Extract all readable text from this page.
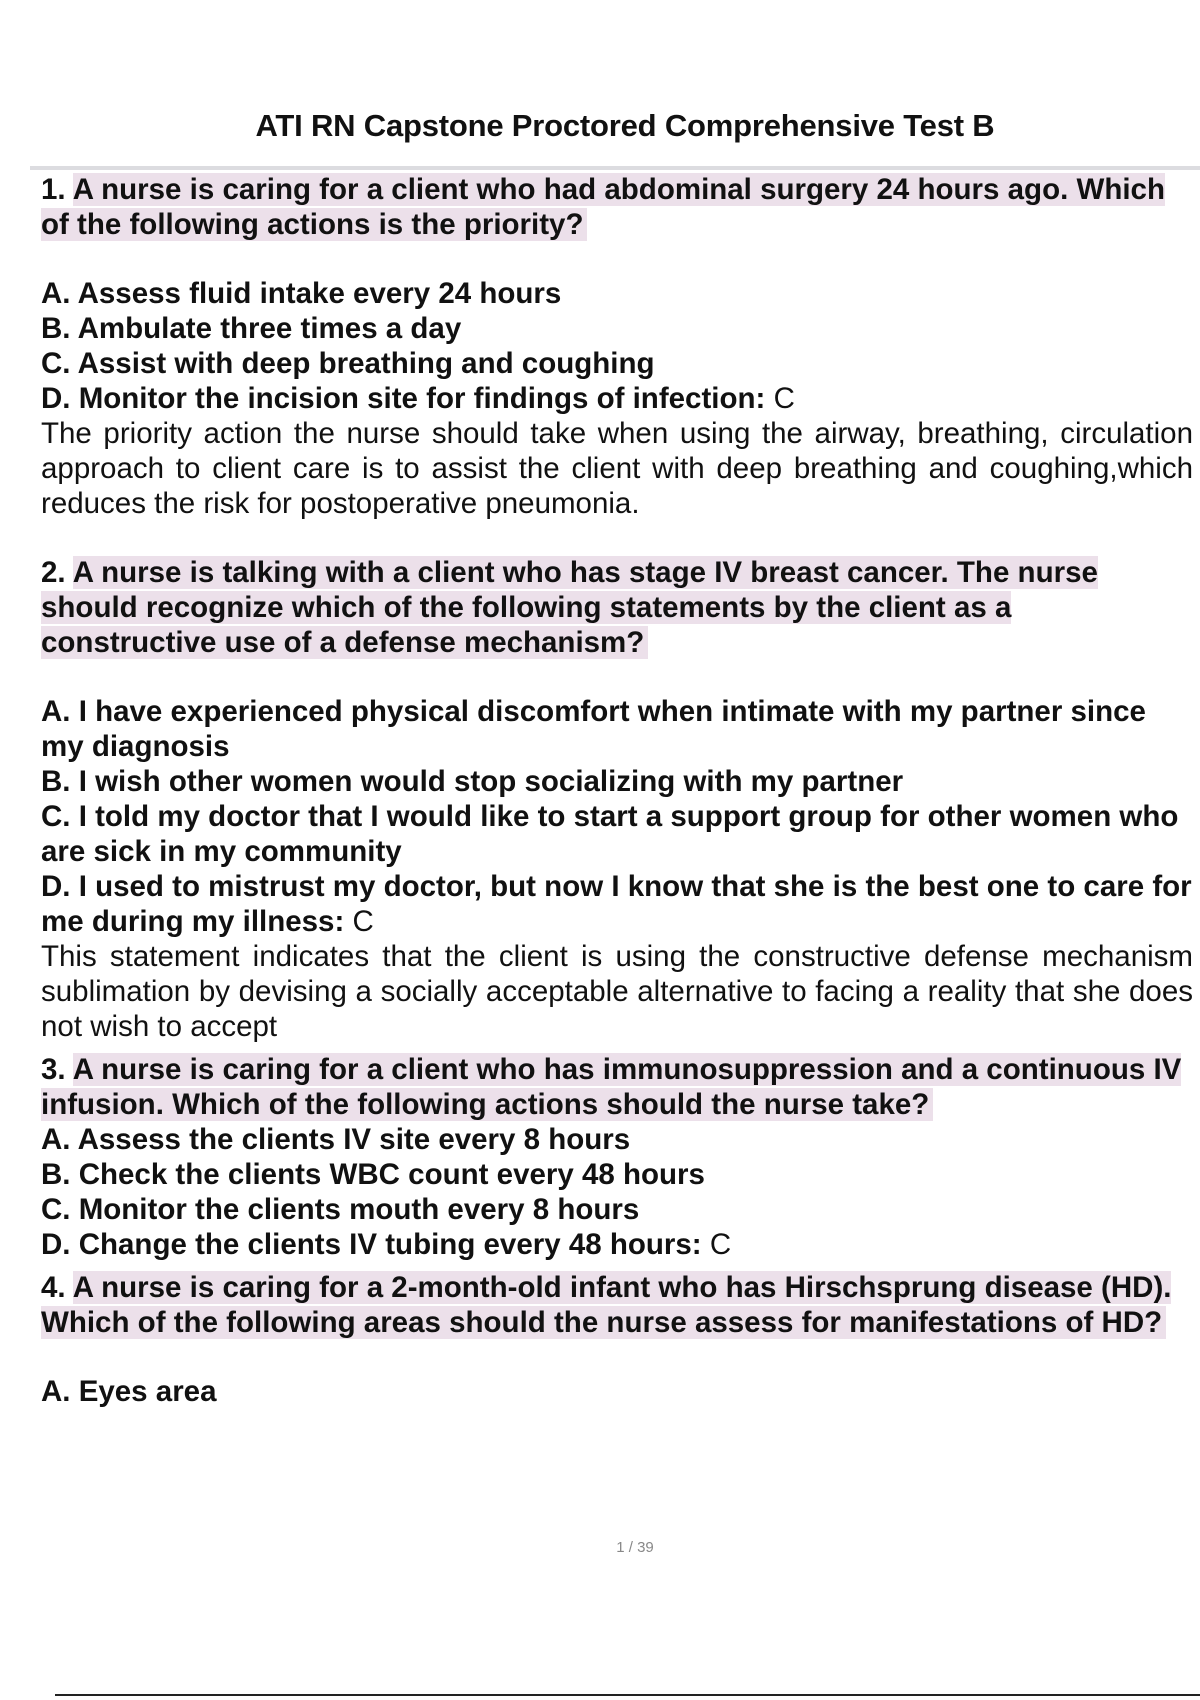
ATI RN Capstone Proctored Comprehensive Test B
1. A nurse is caring for a client who had abdominal surgery 24 hours ago. Which of the following actions is the priority?
A. Assess fluid intake every 24 hours
B. Ambulate three times a day
C. Assist with deep breathing and coughing
D. Monitor the incision site for findings of infection: C
The priority action the nurse should take when using the airway, breathing, circulation approach to client care is to assist the client with deep breathing and coughing,which reduces the risk for postoperative pneumonia.
2. A nurse is talking with a client who has stage IV breast cancer. The nurse should recognize which of the following statements by the client as a constructive use of a defense mechanism?
A. I have experienced physical discomfort when intimate with my partner since my diagnosis
B. I wish other women would stop socializing with my partner
C. I told my doctor that I would like to start a support group for other women who are sick in my community
D. I used to mistrust my doctor, but now I know that she is the best one to care for me during my illness: C
This statement indicates that the client is using the constructive defense mechanism sublimation by devising a socially acceptable alternative to facing a reality that she does not wish to accept
3. A nurse is caring for a client who has immunosuppression and a continuous IV infusion. Which of the following actions should the nurse take?
A. Assess the clients IV site every 8 hours
B. Check the clients WBC count every 48 hours
C. Monitor the clients mouth every 8 hours
D. Change the clients IV tubing every 48 hours: C
4. A nurse is caring for a 2-month-old infant who has Hirschsprung disease (HD). Which of the following areas should the nurse assess for manifestations of HD?
A. Eyes area
1 / 39
